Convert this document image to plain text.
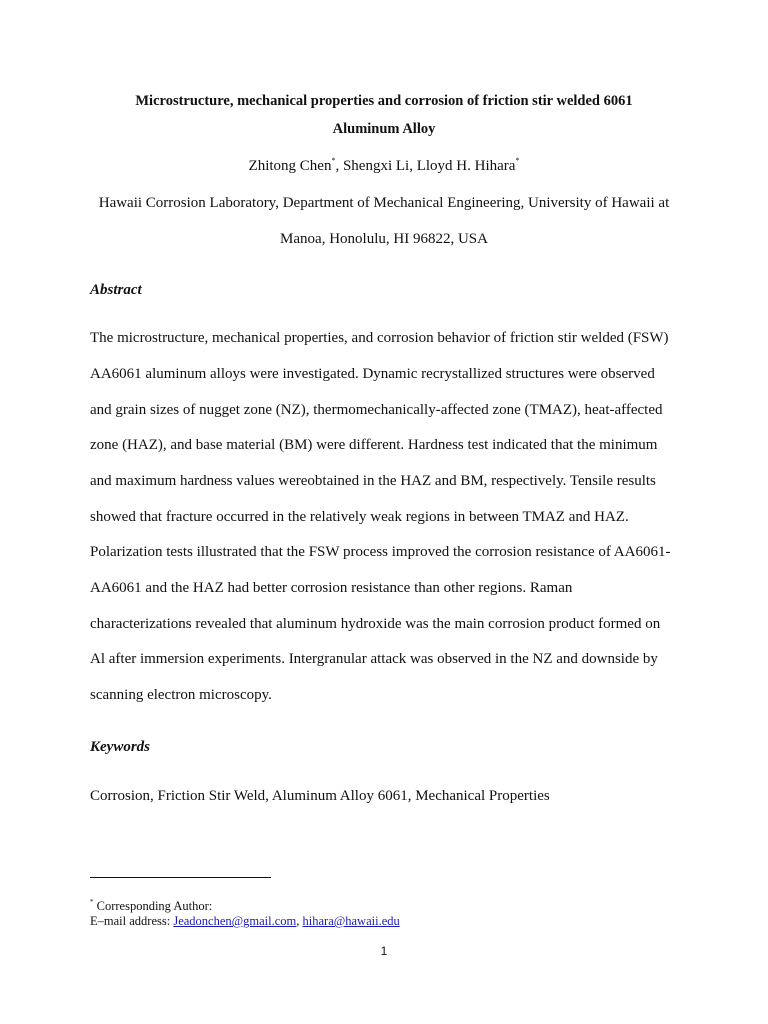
Microstructure, mechanical properties and corrosion of friction stir welded 6061
Aluminum Alloy
Zhitong Chen*, Shengxi Li, Lloyd H. Hihara*
Hawaii Corrosion Laboratory, Department of Mechanical Engineering, University of Hawaii at
Manoa, Honolulu, HI 96822, USA
Abstract
The microstructure, mechanical properties, and corrosion behavior of friction stir welded (FSW)
AA6061 aluminum alloys were investigated. Dynamic recrystallized structures were observed
and grain sizes of nugget zone (NZ), thermomechanically-affected zone (TMAZ), heat-affected
zone (HAZ), and base material (BM) were different. Hardness test indicated that the minimum
and maximum hardness values wereobtained in the HAZ and BM, respectively. Tensile results
showed that fracture occurred in the relatively weak regions in between TMAZ and HAZ.
Polarization tests illustrated that the FSW process improved the corrosion resistance of AA6061-
AA6061 and the HAZ had better corrosion resistance than other regions. Raman
characterizations revealed that aluminum hydroxide was the main corrosion product formed on
Al after immersion experiments. Intergranular attack was observed in the NZ and downside by
scanning electron microscopy.
Keywords
Corrosion, Friction Stir Weld, Aluminum Alloy 6061, Mechanical Properties
* Corresponding Author:
E–mail address: Jeadonchen@gmail.com, hihara@hawaii.edu
1
